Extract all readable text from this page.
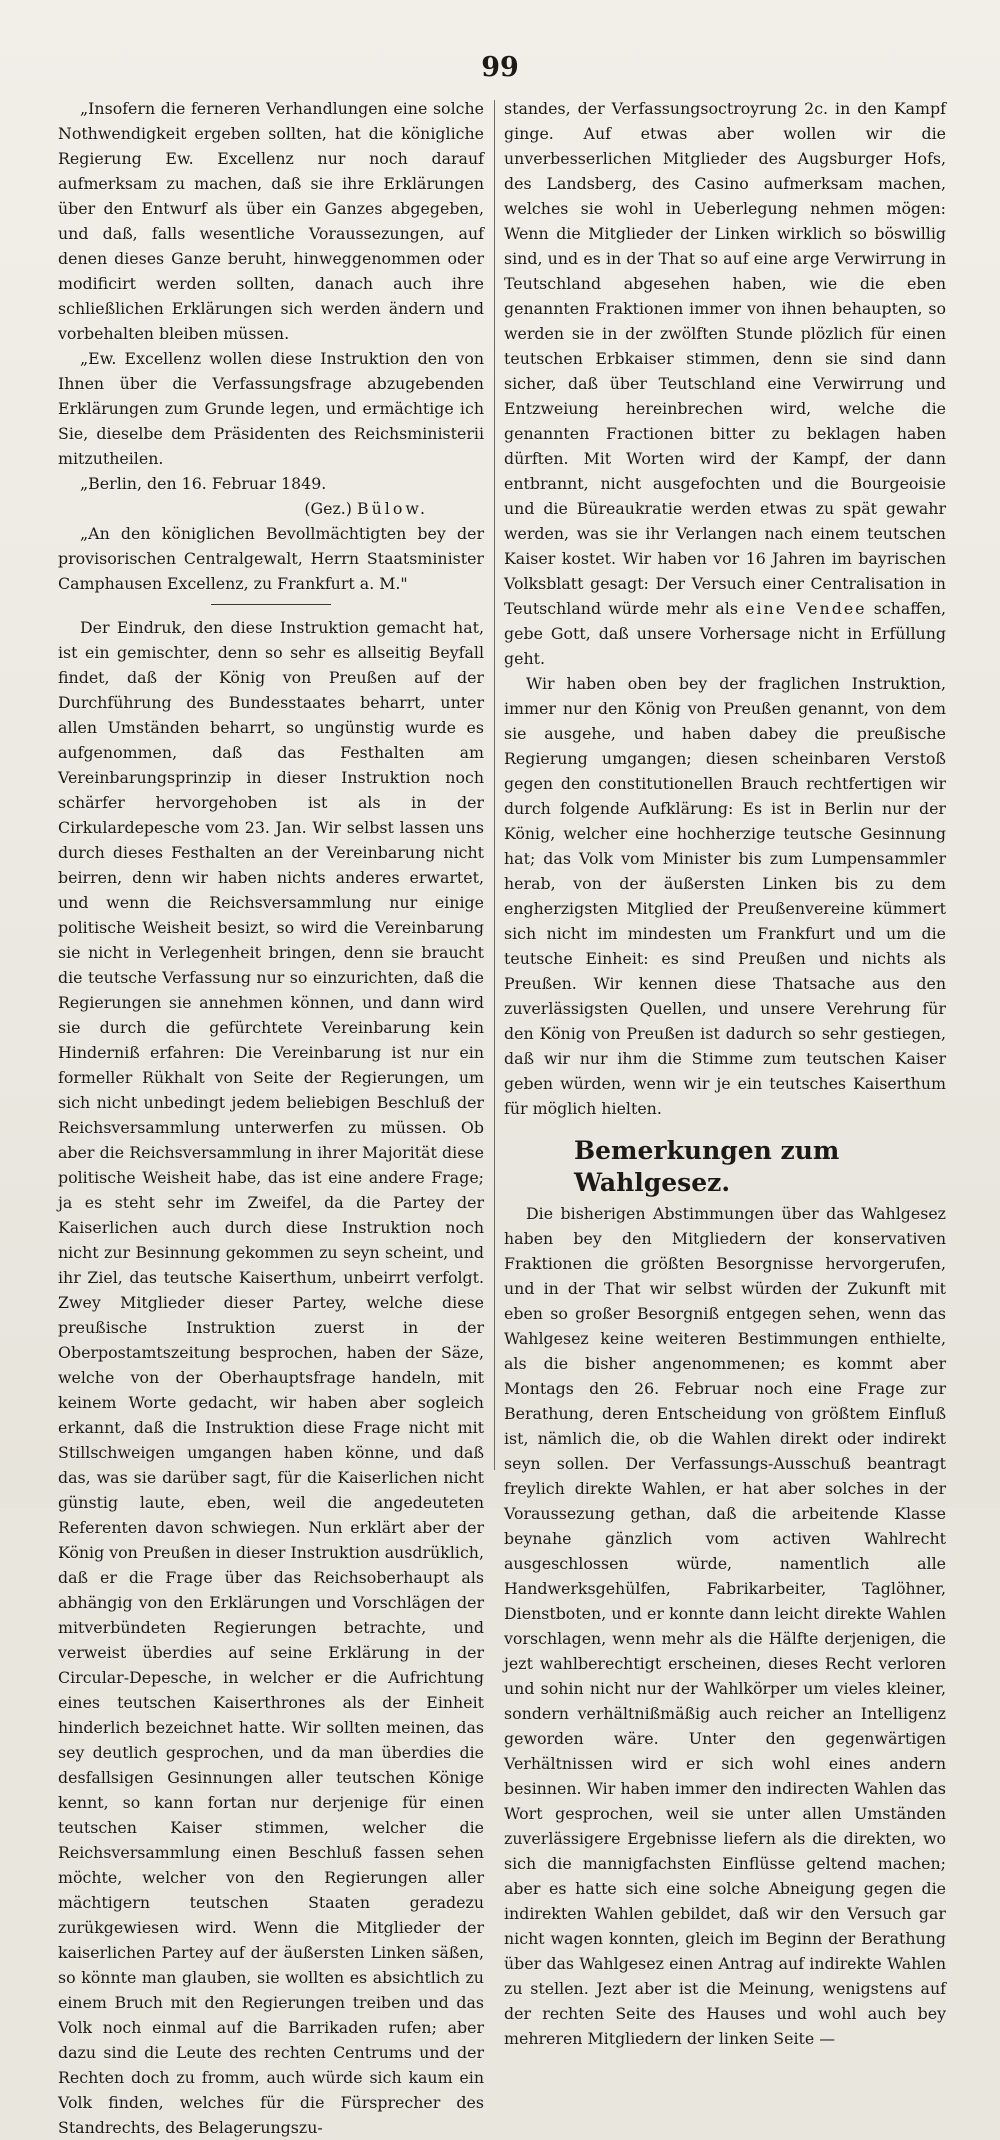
99

„Insofern die ferneren Verhandlungen eine solche Nothwendigkeit ergeben sollten, hat die königliche Regierung Ew. Excellenz nur noch darauf aufmerksam zu machen, daß sie ihre Erklärungen über den Entwurf als über ein Ganzes abgegeben, und daß, falls wesentliche Voraussezungen, auf denen dieses Ganze beruht, hinweggenommen oder modificirt werden sollten, danach auch ihre schließlichen Erklärungen sich werden ändern und vorbehalten bleiben müssen.

„Ew. Excellenz wollen diese Instruktion den von Ihnen über die Verfassungsfrage abzugebenden Erklärungen zum Grunde legen, und ermächtige ich Sie, dieselbe dem Präsidenten des Reichsministerii mitzutheilen.

„Berlin, den 16. Februar 1849.

(Gez.) Bülow.

„An den königlichen Bevollmächtigten bey der provisorischen Centralgewalt, Herrn Staatsminister Camphausen Excellenz, zu Frankfurt a. M."

Der Eindruk, den diese Instruktion gemacht hat, ist ein gemischter, denn so sehr es allseitig Beyfall findet, daß der König von Preußen auf der Durchführung des Bundesstaates beharrt, unter allen Umständen beharrt, so ungünstig wurde es aufgenommen, daß das Festhalten am Vereinbarungsprinzip in dieser Instruktion noch schärfer hervorgehoben ist als in der Cirkulardepesche vom 23. Jan. Wir selbst lassen uns durch dieses Festhalten an der Vereinbarung nicht beirren, denn wir haben nichts anderes erwartet, und wenn die Reichsversammlung nur einige politische Weisheit besizt, so wird die Vereinbarung sie nicht in Verlegenheit bringen, denn sie braucht die teutsche Verfassung nur so einzurichten, daß die Regierungen sie annehmen können, und dann wird sie durch die gefürchtete Vereinbarung kein Hinderniß erfahren: Die Vereinbarung ist nur ein formeller Rükhalt von Seite der Regierungen, um sich nicht unbedingt jedem beliebigen Beschluß der Reichsversammlung unterwerfen zu müssen. Ob aber die Reichsversammlung in ihrer Majorität diese politische Weisheit habe, das ist eine andere Frage; ja es steht sehr im Zweifel, da die Partey der Kaiserlichen auch durch diese Instruktion noch nicht zur Besinnung gekommen zu seyn scheint, und ihr Ziel, das teutsche Kaiserthum, unbeirrt verfolgt. Zwey Mitglieder dieser Partey, welche diese preußische Instruktion zuerst in der Oberpostamtszeitung besprochen, haben der Säze, welche von der Oberhauptsfrage handeln, mit keinem Worte gedacht, wir haben aber sogleich erkannt, daß die Instruktion diese Frage nicht mit Stillschweigen umgangen haben könne, und daß das, was sie darüber sagt, für die Kaiserlichen nicht günstig laute, eben, weil die angedeuteten Referenten davon schwiegen. Nun erklärt aber der König von Preußen in dieser Instruktion ausdrüklich, daß er die Frage über das Reichsoberhaupt als abhängig von den Erklärungen und Vorschlägen der mitverbündeten Regierungen betrachte, und verweist überdies auf seine Erklärung in der Circular-Depesche, in welcher er die Aufrichtung eines teutschen Kaiserthrones als der Einheit hinderlich bezeichnet hatte. Wir sollten meinen, das sey deutlich gesprochen, und da man überdies die desfallsigen Gesinnungen aller teutschen Könige kennt, so kann fortan nur derjenige für einen teutschen Kaiser stimmen, welcher die Reichsversammlung einen Beschluß fassen sehen möchte, welcher von den Regierungen aller mächtigern teutschen Staaten geradezu zurükgewiesen wird. Wenn die Mitglieder der kaiserlichen Partey auf der äußersten Linken säßen, so könnte man glauben, sie wollten es absichtlich zu einem Bruch mit den Regierungen treiben und das Volk noch einmal auf die Barrikaden rufen; aber dazu sind die Leute des rechten Centrums und der Rechten doch zu fromm, auch würde sich kaum ein Volk finden, welches für die Fürsprecher des Standrechts, des Belagerungszu-

standes, der Verfassungsoctroyrung 2c. in den Kampf ginge. Auf etwas aber wollen wir die unverbesserlichen Mitglieder des Augsburger Hofs, des Landsberg, des Casino aufmerksam machen, welches sie wohl in Ueberlegung nehmen mögen: Wenn die Mitglieder der Linken wirklich so böswillig sind, und es in der That so auf eine arge Verwirrung in Teutschland abgesehen haben, wie die eben genannten Fraktionen immer von ihnen behaupten, so werden sie in der zwölften Stunde plözlich für einen teutschen Erbkaiser stimmen, denn sie sind dann sicher, daß über Teutschland eine Verwirrung und Entzweiung hereinbrechen wird, welche die genannten Fractionen bitter zu beklagen haben dürften. Mit Worten wird der Kampf, der dann entbrannt, nicht ausgefochten und die Bourgeoisie und die Büreaukratie werden etwas zu spät gewahr werden, was sie ihr Verlangen nach einem teutschen Kaiser kostet. Wir haben vor 16 Jahren im bayrischen Volksblatt gesagt: Der Versuch einer Centralisation in Teutschland würde mehr als eine Vendee schaffen, gebe Gott, daß unsere Vorhersage nicht in Erfüllung geht.

Wir haben oben bey der fraglichen Instruktion, immer nur den König von Preußen genannt, von dem sie ausgehe, und haben dabey die preußische Regierung umgangen; diesen scheinbaren Verstoß gegen den constitutionellen Brauch rechtfertigen wir durch folgende Aufklärung: Es ist in Berlin nur der König, welcher eine hochherzige teutsche Gesinnung hat; das Volk vom Minister bis zum Lumpensammler herab, von der äußersten Linken bis zu dem engherzigsten Mitglied der Preußenvereine kümmert sich nicht im mindesten um Frankfurt und um die teutsche Einheit: es sind Preußen und nichts als Preußen. Wir kennen diese Thatsache aus den zuverlässigsten Quellen, und unsere Verehrung für den König von Preußen ist dadurch so sehr gestiegen, daß wir nur ihm die Stimme zum teutschen Kaiser geben würden, wenn wir je ein teutsches Kaiserthum für möglich hielten.

Bemerkungen zum Wahlgesez.

Die bisherigen Abstimmungen über das Wahlgesez haben bey den Mitgliedern der konservativen Fraktionen die größten Besorgnisse hervorgerufen, und in der That wir selbst würden der Zukunft mit eben so großer Besorgniß entgegen sehen, wenn das Wahlgesez keine weiteren Bestimmungen enthielte, als die bisher angenommenen; es kommt aber Montags den 26. Februar noch eine Frage zur Berathung, deren Entscheidung von größtem Einfluß ist, nämlich die, ob die Wahlen direkt oder indirekt seyn sollen. Der Verfassungs-Ausschuß beantragt freylich direkte Wahlen, er hat aber solches in der Voraussezung gethan, daß die arbeitende Klasse beynahe gänzlich vom activen Wahlrecht ausgeschlossen würde, namentlich alle Handwerksgehülfen, Fabrikarbeiter, Taglöhner, Dienstboten, und er konnte dann leicht direkte Wahlen vorschlagen, wenn mehr als die Hälfte derjenigen, die jezt wahlberechtigt erscheinen, dieses Recht verloren und sohin nicht nur der Wahlkörper um vieles kleiner, sondern verhältnißmäßig auch reicher an Intelligenz geworden wäre. Unter den gegenwärtigen Verhältnissen wird er sich wohl eines andern besinnen. Wir haben immer den indirecten Wahlen das Wort gesprochen, weil sie unter allen Umständen zuverlässigere Ergebnisse liefern als die direkten, wo sich die mannigfachsten Einflüsse geltend machen; aber es hatte sich eine solche Abneigung gegen die indirekten Wahlen gebildet, daß wir den Versuch gar nicht wagen konnten, gleich im Beginn der Berathung über das Wahlgesez einen Antrag auf indirekte Wahlen zu stellen. Jezt aber ist die Meinung, wenigstens auf der rechten Seite des Hauses und wohl auch bey mehreren Mitgliedern der linken Seite —
